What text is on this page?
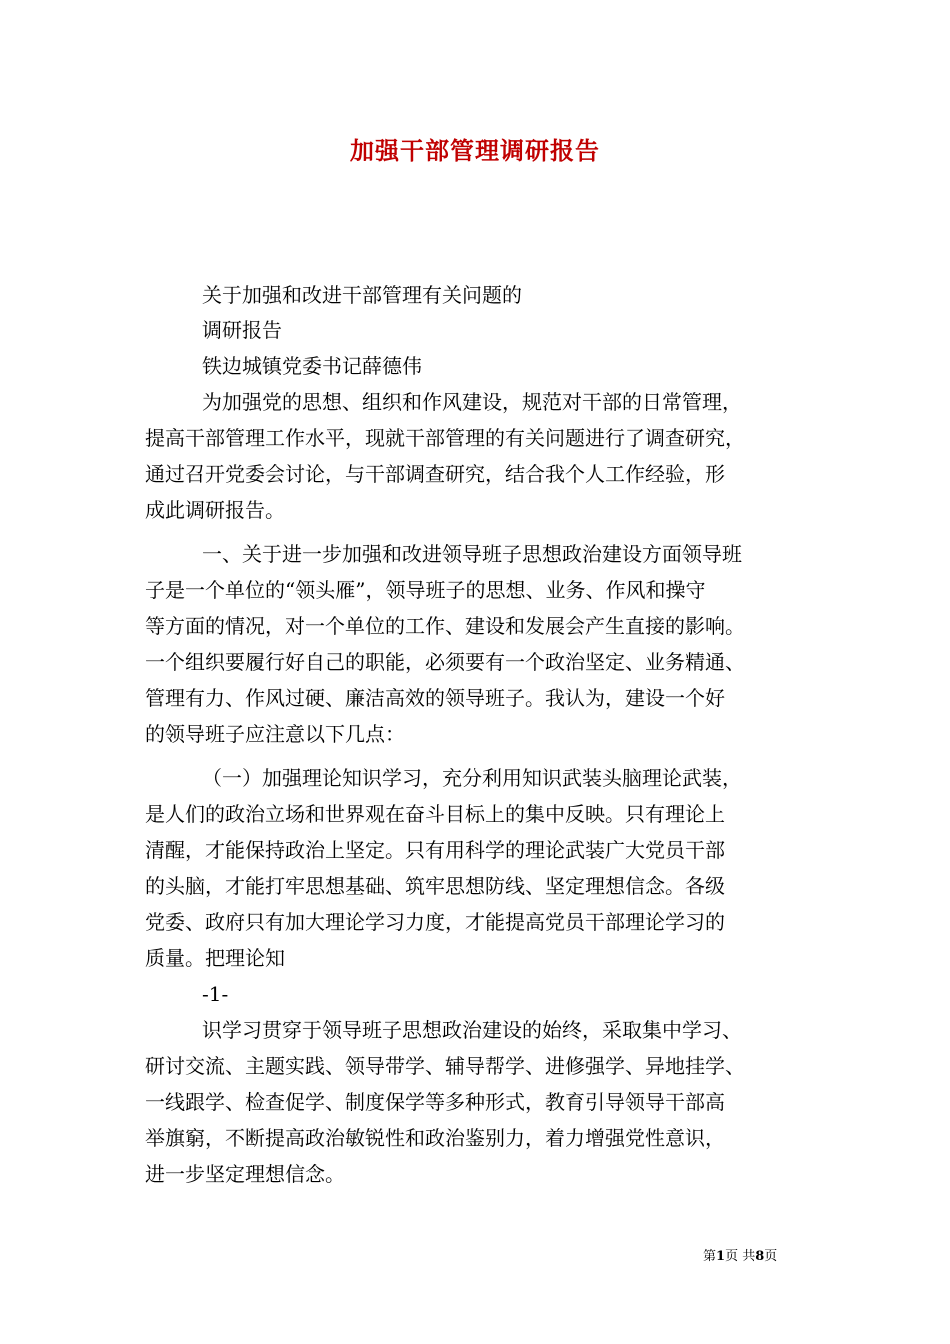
加强干部管理调研报告
关于加强和改进干部管理有关问题的
调研报告
铁边城镇党委书记薛德伟
为加强党的思想、组织和作风建设，规范对干部的日常管理，
提高干部管理工作水平，现就干部管理的有关问题进行了调查研究，
通过召开党委会讨论，与干部调查研究，结合我个人工作经验，形
成此调研报告。
一、关于进一步加强和改进领导班子思想政治建设方面领导班
子是一个单位的“领头雁”，领导班子的思想、业务、作风和操守
等方面的情况，对一个单位的工作、建设和发展会产生直接的影响。
一个组织要履行好自己的职能，必须要有一个政治坚定、业务精通、
管理有力、作风过硬、廉洁高效的领导班子。我认为，建设一个好
的领导班子应注意以下几点：
（一）加强理论知识学习，充分利用知识武装头脑理论武装，
是人们的政治立场和世界观在奋斗目标上的集中反映。只有理论上
清醒，才能保持政治上坚定。只有用科学的理论武装广大党员干部
的头脑，才能打牢思想基础、筑牢思想防线、坚定理想信念。各级
党委、政府只有加大理论学习力度，才能提高党员干部理论学习的
质量。把理论知
-1-
识学习贯穿于领导班子思想政治建设的始终，采取集中学习、
研讨交流、主题实践、领导带学、辅导帮学、进修强学、异地挂学、
一线跟学、检查促学、制度保学等多种形式，教育引导领导干部高
举旗窮，不断提高政治敏锐性和政治鉴别力，着力增强党性意识，
进一步坚定理想信念。
第1页 共8页
